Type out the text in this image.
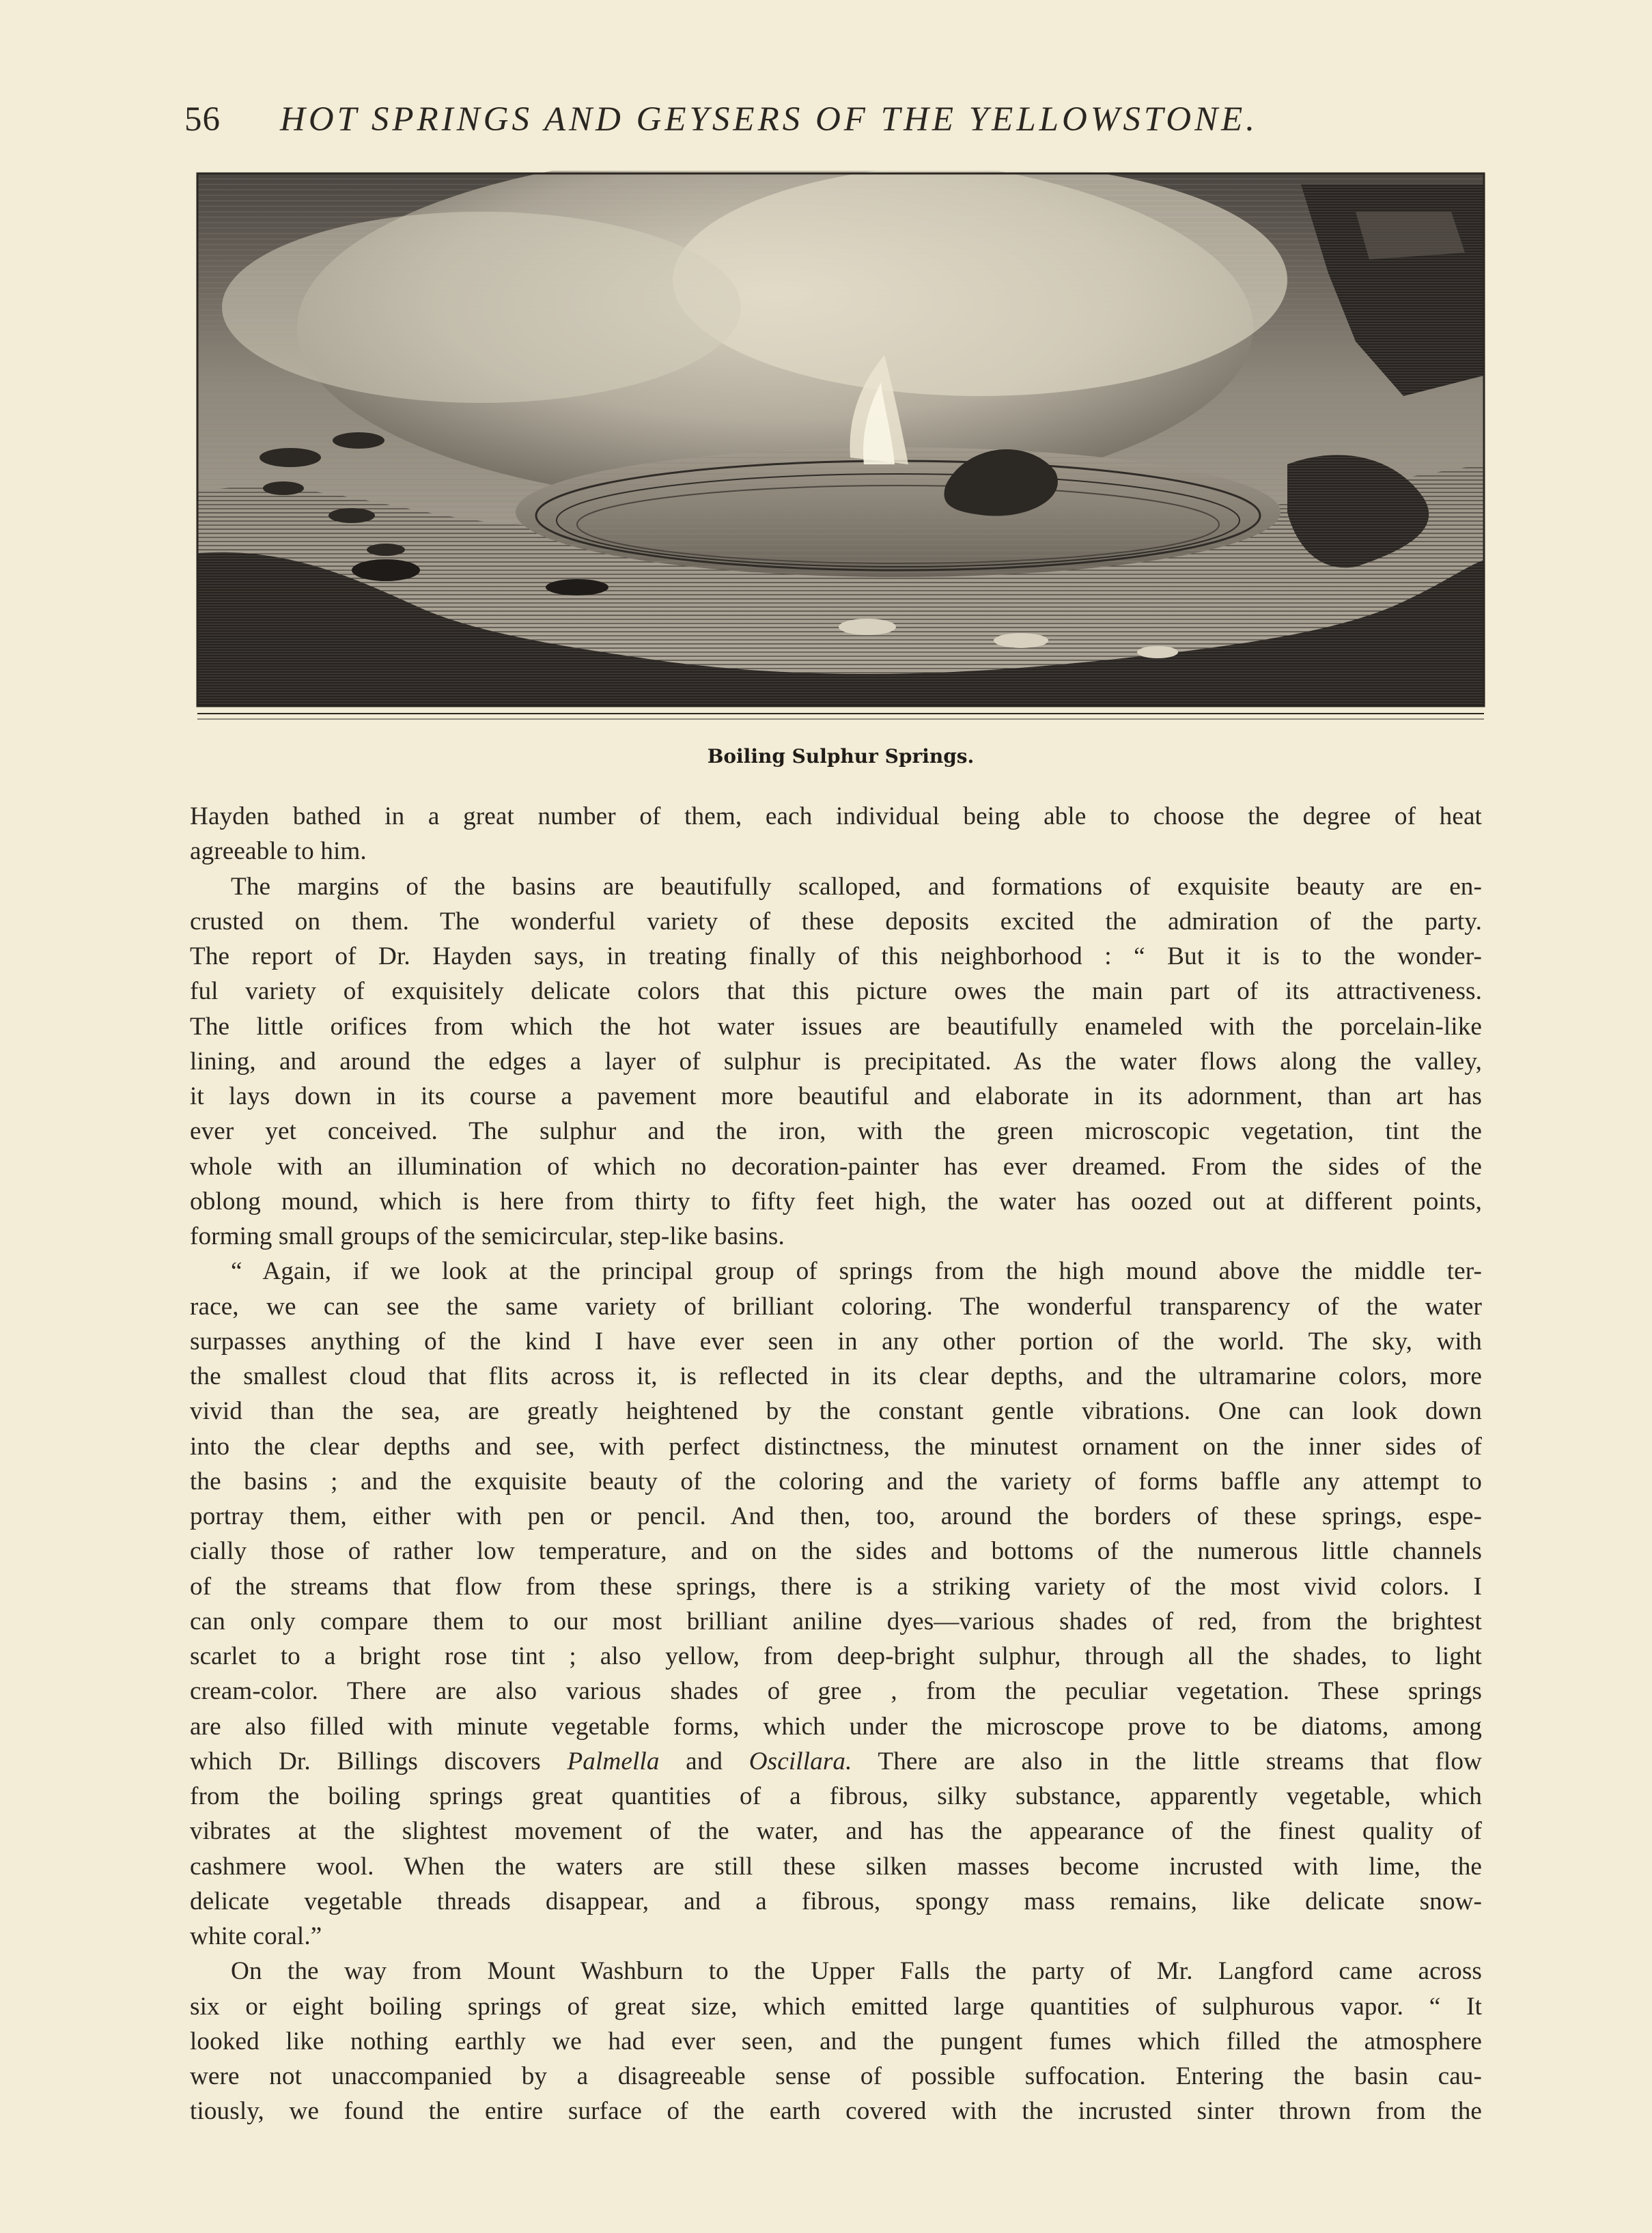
56 HOT SPRINGS AND GEYSERS OF THE YELLOWSTONE.
Boiling Sulphur Springs.

Hayden bathed in a great number of them, each individual being able to choose the degree of heat
agreeable to him.

The margins of the basins are beautifully scalloped, and formations of exquisite beauty are en-
crusted on them. The wonderful variety of these deposits excited the admiration of the party.
The report of Dr. Hayden says, in treating finally of this neighborhood : “ But it is to the wonder-
ful variety of exquisitely delicate colors that this picture owes the main part of its attractiveness.
The little orifices from which the hot water issues are beautifully enameled with the porcelain-like
lining, and around the edges a layer of sulphur is precipitated. As the water flows along the valley,
it lays down in its course a pavement more beautiful and elaborate in its adornment, than art has
ever yet conceived. The sulphur and the iron, with the green microscopic vegetation, tint the
whole with an illumination of which no decoration-painter has ever dreamed. From the sides of the
oblong mound, which is here from thirty to fifty feet high, the water has oozed out at different points,
forming small groups of the semicircular, step-like basins.

“ Again, if we look at the principal group of springs from the high mound above the middle ter-
race, we can see the same variety of brilliant coloring. The wonderful transparency of the water
surpasses anything of the kind I have ever seen in any other portion of the world. The sky, with
the smallest cloud that flits across it, is reflected in its clear depths, and the ultramarine colors, more
vivid than the sea, are greatly heightened by the constant gentle vibrations. One can look down
into the clear depths and see, with perfect distinctness, the minutest ornament on the inner sides of
the basins ; and the exquisite beauty of the coloring and the variety of forms baffle any attempt to
portray them, either with pen or pencil. And then, too, around the borders of these springs, espe-
cially those of rather low temperature, and on the sides and bottoms of the numerous little channels
of the streams that flow from these springs, there is a striking variety of the most vivid colors. I
can only compare them to our most brilliant aniline dyes—various shades of red, from the brightest
scarlet to a bright rose tint ; also yellow, from deep-bright sulphur, through all the shades, to light
cream-color. There are also various shades of gree , from the peculiar vegetation. These springs
are also filled with minute vegetable forms, which under the microscope prove to be diatoms, among
which Dr. Billings discovers Palmella and Oscillara. There are also in the little streams that flow
from the boiling springs great quantities of a fibrous, silky substance, apparently vegetable, which
vibrates at the slightest movement of the water, and has the appearance of the finest quality of
cashmere wool. When the waters are still these silken masses become incrusted with lime, the
delicate vegetable threads disappear, and a fibrous, spongy mass remains, like delicate snow-
white coral.”

On the way from Mount Washburn to the Upper Falls the party of Mr. Langford came across
six or eight boiling springs of great size, which emitted large quantities of sulphurous vapor. “ It
looked like nothing earthly we had ever seen, and the pungent fumes which filled the atmosphere
were not unaccompanied by a disagreeable sense of possible suffocation. Entering the basin cau-
tiously, we found the entire surface of the earth covered with the incrusted sinter thrown from the
